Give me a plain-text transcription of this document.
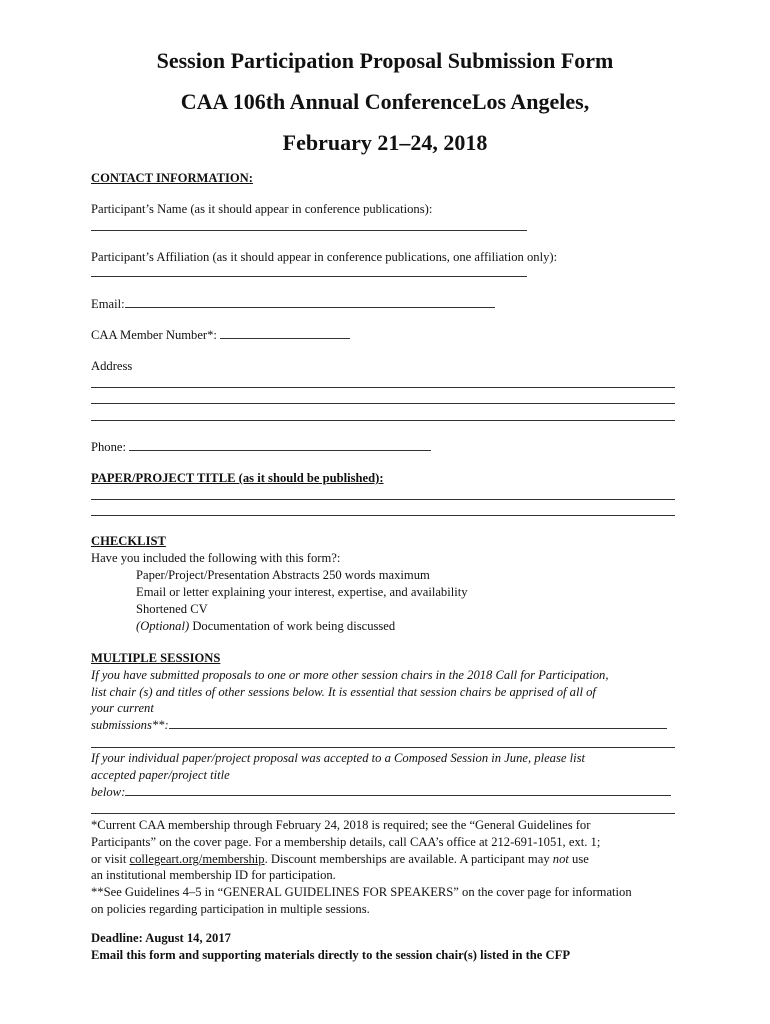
Session Participation Proposal Submission Form
CAA 106th Annual ConferenceLos Angeles,
February 21–24, 2018
CONTACT INFORMATION:
Participant’s Name (as it should appear in conference publications):
Participant’s Affiliation (as it should appear in conference publications, one affiliation only):
Email:
CAA Member Number*:
Address
Phone:
PAPER/PROJECT TITLE (as it should be published):
CHECKLIST
Have you included the following with this form?:
Paper/Project/Presentation Abstracts 250 words maximum
Email or letter explaining your interest, expertise, and availability
Shortened CV
(Optional) Documentation of work being discussed
MULTIPLE SESSIONS
If you have submitted proposals to one or more other session chairs in the 2018 Call for Participation,
list chair (s) and titles of other sessions below. It is essential that session chairs be apprised of all of
your current
submissions**:
If your individual paper/project proposal was accepted to a Composed Session in June, please list
accepted paper/project title
below:
*Current CAA membership through February 24, 2018 is required; see the “General Guidelines for
Participants” on the cover page. For a membership details, call CAA’s office at 212-691-1051, ext. 1;
or visit collegeart.org/membership. Discount memberships are available. A participant may not use
an institutional membership ID for participation.
**See Guidelines 4–5 in “GENERAL GUIDELINES FOR SPEAKERS” on the cover page for information
on policies regarding participation in multiple sessions.
Deadline: August 14, 2017
Email this form and supporting materials directly to the session chair(s) listed in the CFP
